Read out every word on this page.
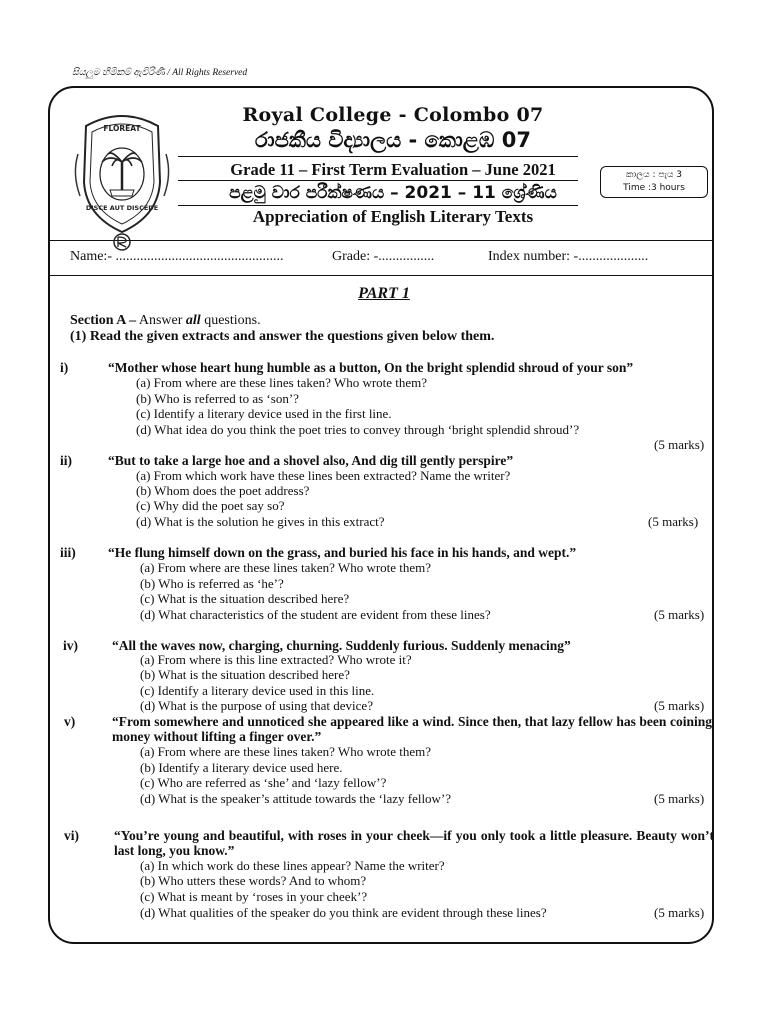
සියලුම හිමිකම් ඇවිරිණි / All Rights Reserved
FLOREAT
DISCE AUT DISCEDE
Royal College - Colombo 07
රාජකීය විද්‍යාලය - කොළඹ 07
Grade 11 – First Term Evaluation – June 2021
පළමු වාර පරීක්ෂණය – 2021 – 11 ශ්‍රේණිය
Appreciation of English Literary Texts
කාලය : පැය 3
Time :3 hours
Name:- ................................................	Grade: -................	Index number: -....................
PART 1
Section A – Answer all questions.
(1) Read the given extracts and answer the questions given below them.
i)	“Mother whose heart hung humble as a button, On the bright splendid shroud of your son”
(a) From where are these lines taken? Who wrote them?
(b) Who is referred to as ‘son’?
(c) Identify a literary device used in the first line.
(d) What idea do you think the poet tries to convey through ‘bright splendid shroud’?
(5 marks)
ii)	“But to take a large hoe and a shovel also, And dig till gently perspire”
(a) From which work have these lines been extracted? Name the writer?
(b) Whom does the poet address?
(c) Why did the poet say so?
(d) What is the solution he gives in this extract?	(5 marks)
iii) “He flung himself down on the grass, and buried his face in his hands, and wept.”
(a) From where are these lines taken? Who wrote them?
(b) Who is referred as ‘he’?
(c) What is the situation described here?
(d) What characteristics of the student are evident from these lines?	(5 marks)
iv)	“All the waves now, charging, churning. Suddenly furious. Suddenly menacing”
(a) From where is this line extracted? Who wrote it?
(b) What is the situation described here?
(c) Identify a literary device used in this line.
(d) What is the purpose of using that device?	(5 marks)
v)	“From somewhere and unnoticed she appeared like a wind. Since then, that lazy fellow has been coining money without lifting a finger over.”
(a) From where are these lines taken? Who wrote them?
(b) Identify a literary device used here.
(c) Who are referred as ‘she’ and ‘lazy fellow’?
(d) What is the speaker’s attitude towards the ‘lazy fellow’?	(5 marks)
vi)	“You’re young and beautiful, with roses in your cheek—if you only took a little pleasure. Beauty won’t last long, you know.”
(a) In which work do these lines appear? Name the writer?
(b) Who utters these words? And to whom?
(c) What is meant by ‘roses in your cheek’?
(d) What qualities of the speaker do you think are evident through these lines?	(5 marks)
